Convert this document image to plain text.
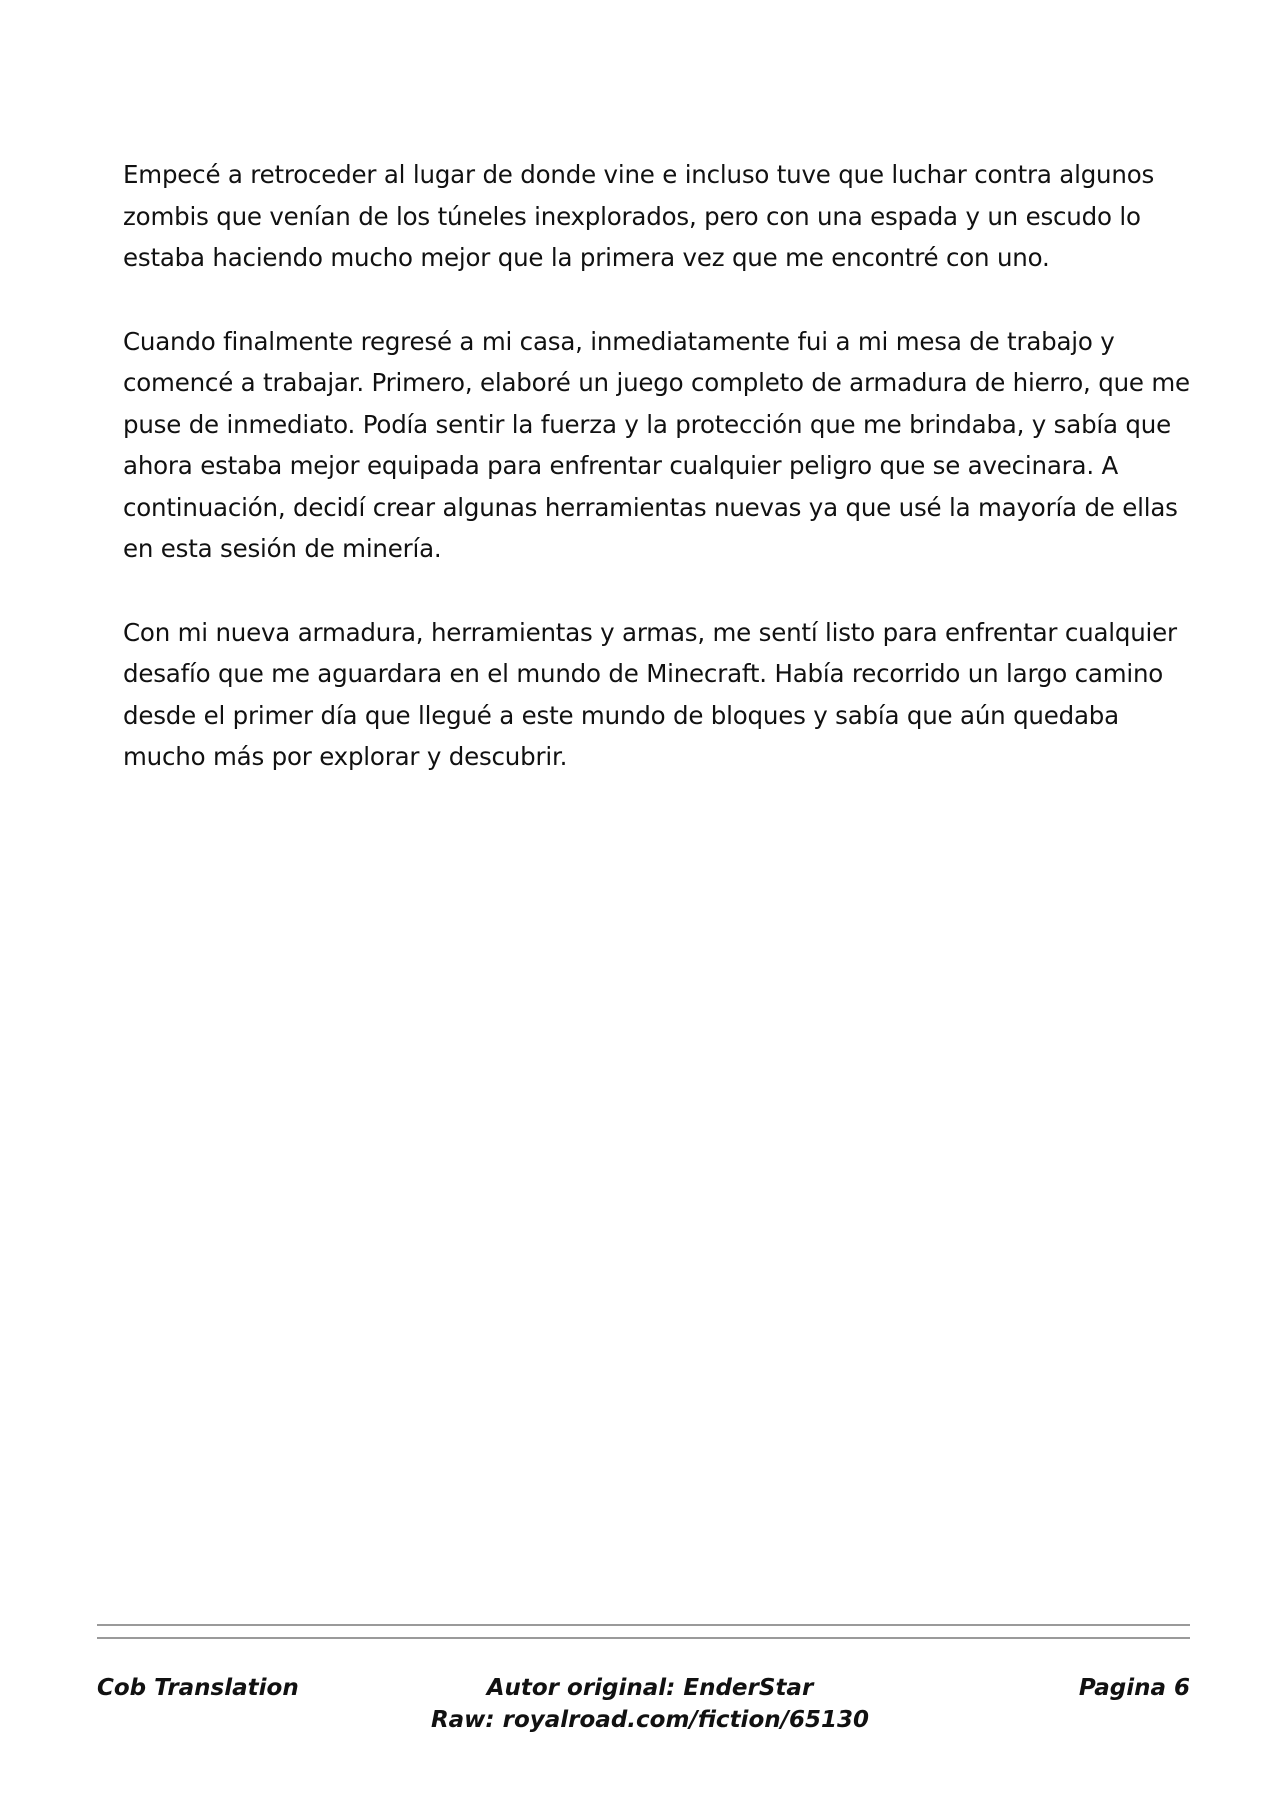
Empecé a retroceder al lugar de donde vine e incluso tuve que luchar contra algunos zombis que venían de los túneles inexplorados, pero con una espada y un escudo lo estaba haciendo mucho mejor que la primera vez que me encontré con uno.

Cuando finalmente regresé a mi casa, inmediatamente fui a mi mesa de trabajo y comencé a trabajar. Primero, elaboré un juego completo de armadura de hierro, que me puse de inmediato. Podía sentir la fuerza y la protección que me brindaba, y sabía que ahora estaba mejor equipada para enfrentar cualquier peligro que se avecinara. A continuación, decidí crear algunas herramientas nuevas ya que usé la mayoría de ellas en esta sesión de minería.

Con mi nueva armadura, herramientas y armas, me sentí listo para enfrentar cualquier desafío que me aguardara en el mundo de Minecraft. Había recorrido un largo camino desde el primer día que llegué a este mundo de bloques y sabía que aún quedaba mucho más por explorar y descubrir.

Cob Translation	Autor original: EnderStar
Raw: royalroad.com/fiction/65130
Pagina 6
